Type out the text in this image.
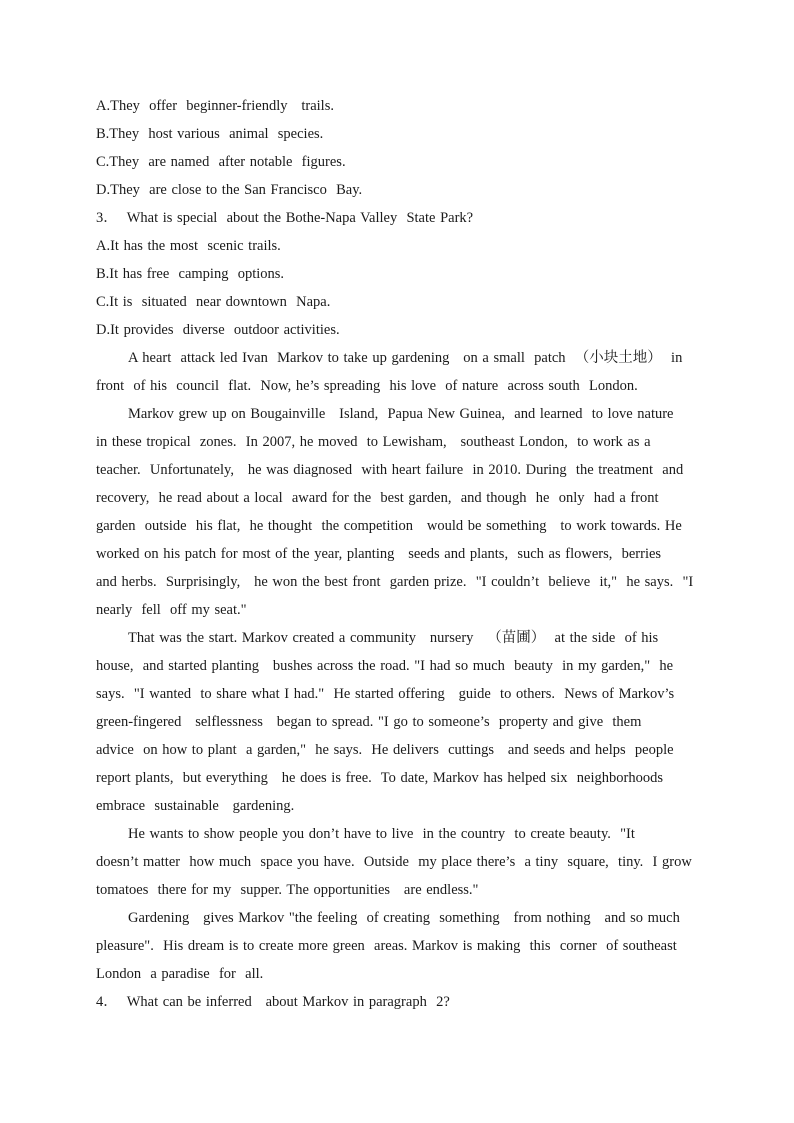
A.They  offer  beginner-friendly   trails.
B.They  host various  animal  species.
C.They  are named  after notable  figures.
D.They  are close to the San Francisco  Bay.
3．  What is special  about the Bothe-Napa Valley  State Park?
A.It has the most  scenic trails.
B.It has free  camping  options.
C.It is  situated  near downtown  Napa.
D.It provides  diverse  outdoor activities.
A heart  attack led Ivan  Markov to take up gardening   on a small  patch  （小块土地）  in
front  of his  council  flat.  Now, he’s spreading  his love  of nature  across south  London.
Markov grew up on Bougainville   Island,  Papua New Guinea,  and learned  to love nature
in these tropical  zones.  In 2007, he moved  to Lewisham,   southeast London,  to work as a
teacher.  Unfortunately,   he was diagnosed  with heart failure  in 2010. During  the treatment  and
recovery,  he read about a local  award for the  best garden,  and though  he  only  had a front
garden  outside  his flat,  he thought  the competition   would be something   to work towards. He
worked on his patch for most of the year, planting   seeds and plants,  such as flowers,  berries
and herbs.  Surprisingly,   he won the best front  garden prize.  "I couldn’t  believe  it,"  he says.  "I
nearly  fell  off my seat."
That was the start. Markov created a community   nursery   （苗圃）  at the side  of his
house,  and started planting   bushes across the road. "I had so much  beauty  in my garden,"  he
says.  "I wanted  to share what I had."  He started offering   guide  to others.  News of Markov’s
green-fingered   selflessness   began to spread. "I go to someone’s  property and give  them
advice  on how to plant  a garden,"  he says.  He delivers  cuttings   and seeds and helps  people
report plants,  but everything   he does is free.  To date, Markov has helped six  neighborhoods
embrace  sustainable   gardening.
He wants to show people you don’t have to live  in the country  to create beauty.  "It
doesn’t matter  how much  space you have.  Outside  my place there’s  a tiny  square,  tiny.  I grow
tomatoes  there for my  supper. The opportunities   are endless."
Gardening   gives Markov "the feeling  of creating  something   from nothing   and so much
pleasure".  His dream is to create more green  areas. Markov is making  this  corner  of southeast
London  a paradise  for  all.
4．  What can be inferred   about Markov in paragraph  2?
